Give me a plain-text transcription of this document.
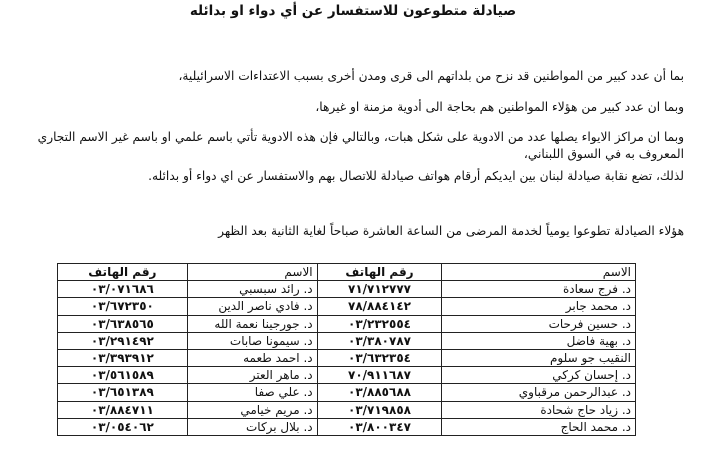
صيادلة متطوعون للاستفسار عن أي دواء او بدائله

بما أن عدد كبير من المواطنين قد نزح من بلداتهم الى قرى ومدن أخرى بسبب الاعتداءات الاسرائيلية،

وبما ان عدد كبير من هؤلاء المواطنين هم بحاجة الى أدوية مزمنة او غيرها،

وبما ان مراكز الايواء يصلها عدد من الادوية على شكل هبات، وبالتالي فإن هذه الادوية تأتي باسم علمي او باسم غير الاسم التجاري المعروف به في السوق اللبناني،

لذلك، تضع نقابة صيادلة لبنان بين ايديكم أرقام هواتف صيادلة للاتصال بهم والاستفسار عن اي دواء أو بدائله.

هؤلاء الصيادلة تطوعوا يومياً لخدمة المرضى من الساعة العاشرة صباحاً لغاية الثانية بعد الظهر

الاسم	رقم الهاتف	الاسم	رقم الهاتف
د. فرج سعادة	٧١/٧١٢٧٧٧	د. رائد سبسبي	٠٣/٠٧١٦٨٦
د. محمد جابر	٧٨/٨٨٤١٤٢	د. فادي ناصر الدين	٠٣/٦٧٢٣٥٠
د. حسين فرحات	٠٣/٢٣٢٥٥٤	د. جورجينا نعمة الله	٠٣/٦٣٨٥٦٥
د. بهية فاضل	٠٣/٣٨٠٧٨٧	د. سيمونا صابات	٠٣/٢٩١٤٩٢
النقيب جو سلوم	٠٣/٦٣٢٣٥٤	د. احمد طعمه	٠٣/٣٩٣٩١٢
د. إحسان كركي	٧٠/٩١١٦٨٧	د. ماهر العتر	٠٣/٥٦١٥٨٩
د. عبدالرحمن مرقباوي	٠٣/٨٨٥٦٨٨	د. علي صفا	٠٣/٦٥١٣٨٩
د. زياد حاج شحادة	٠٣/٧١٩٨٥٨	د. مريم خيامي	٠٣/٨٨٤٧١١
د. محمد الحاج	٠٣/٨٠٠٣٤٧	د. بلال بركات	٠٣/٠٥٤٠٦٢
